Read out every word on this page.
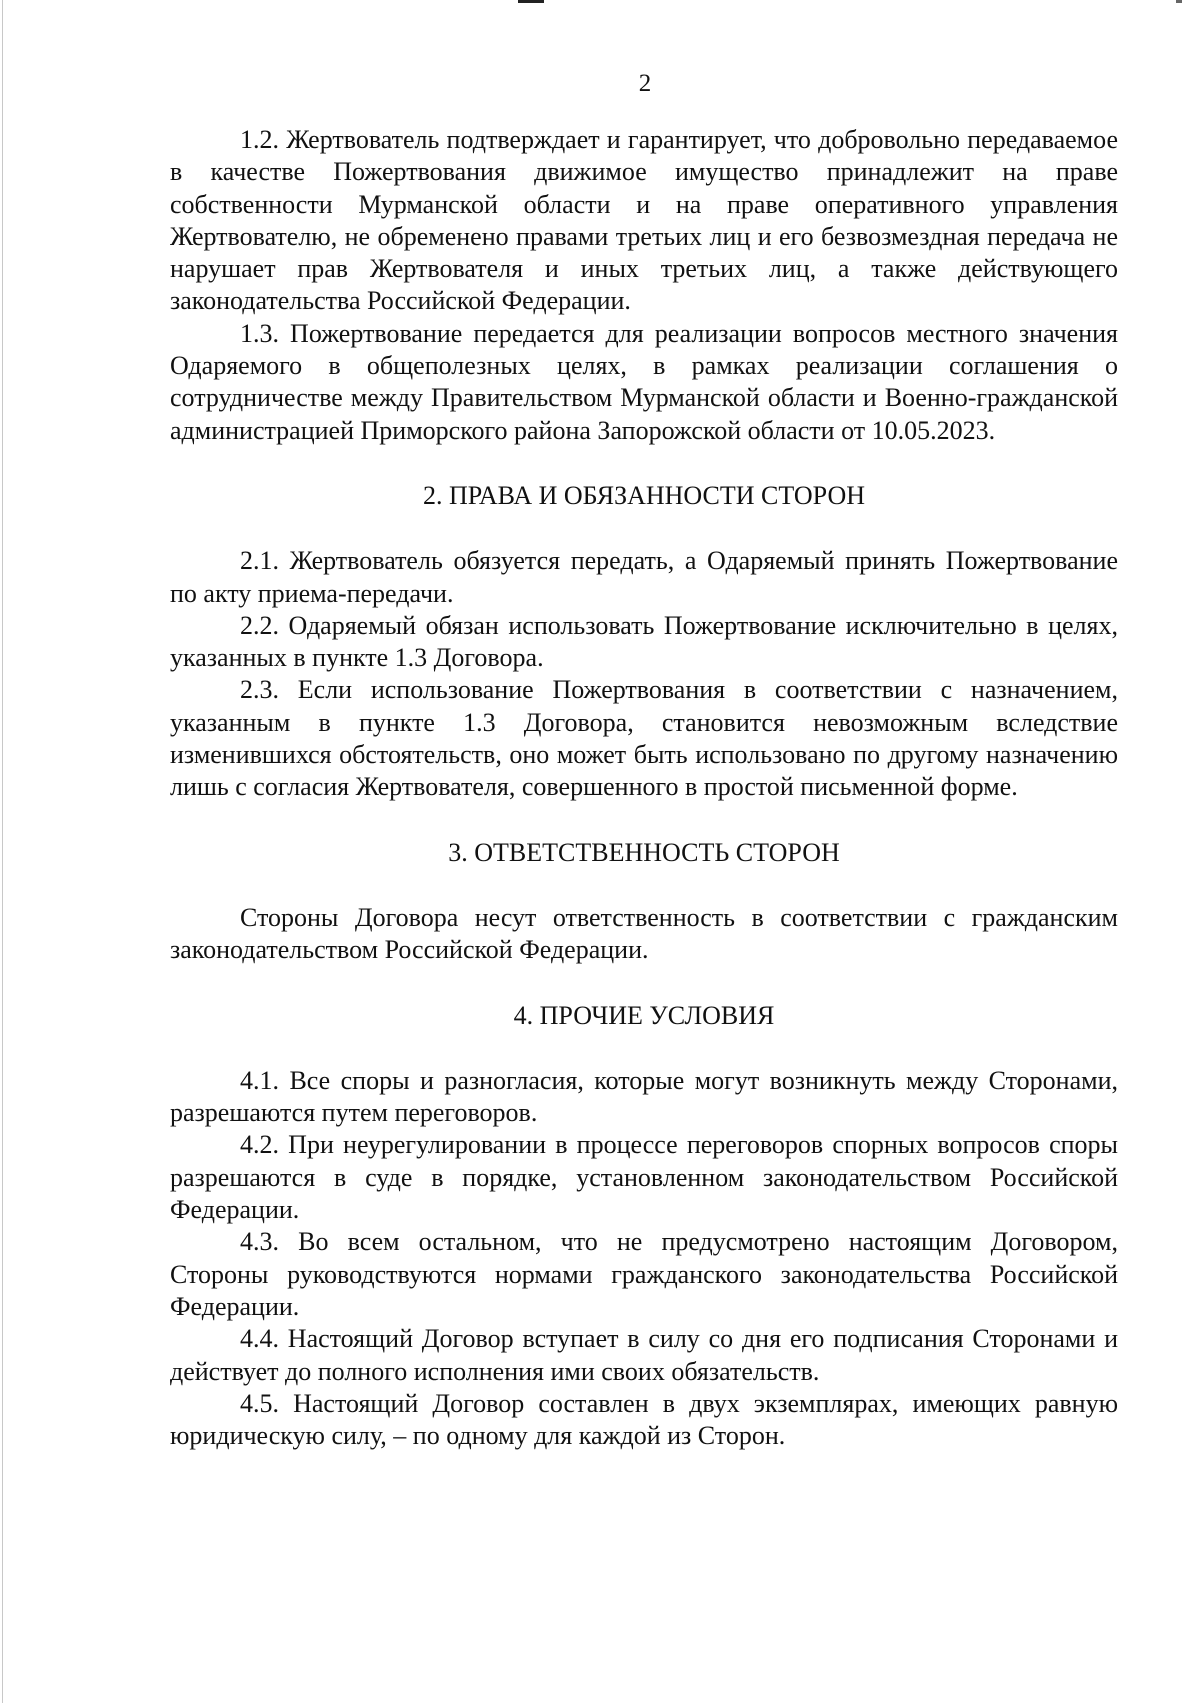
2

1.2. Жертвователь подтверждает и гарантирует, что добровольно передаваемое в качестве Пожертвования движимое имущество принадлежит на праве собственности Мурманской области и на праве оперативного управления Жертвователю, не обременено правами третьих лиц и его безвозмездная передача не нарушает прав Жертвователя и иных третьих лиц, а также действующего законодательства Российской Федерации.

1.3. Пожертвование передается для реализации вопросов местного значения Одаряемого в общеполезных целях, в рамках реализации соглашения о сотрудничестве между Правительством Мурманской области и Военно-гражданской администрацией Приморского района Запорожской области от 10.05.2023.

2. ПРАВА И ОБЯЗАННОСТИ СТОРОН

2.1. Жертвователь обязуется передать, а Одаряемый принять Пожертвование по акту приема-передачи.

2.2. Одаряемый обязан использовать Пожертвование исключительно в целях, указанных в пункте 1.3 Договора.

2.3. Если использование Пожертвования в соответствии с назначением, указанным в пункте 1.3 Договора, становится невозможным вследствие изменившихся обстоятельств, оно может быть использовано по другому назначению лишь с согласия Жертвователя, совершенного в простой письменной форме.

3. ОТВЕТСТВЕННОСТЬ СТОРОН

Стороны Договора несут ответственность в соответствии с гражданским законодательством Российской Федерации.

4. ПРОЧИЕ УСЛОВИЯ

4.1. Все споры и разногласия, которые могут возникнуть между Сторонами, разрешаются путем переговоров.

4.2. При неурегулировании в процессе переговоров спорных вопросов споры разрешаются в суде в порядке, установленном законодательством Российской Федерации.

4.3. Во всем остальном, что не предусмотрено настоящим Договором, Стороны руководствуются нормами гражданского законодательства Российской Федерации.

4.4. Настоящий Договор вступает в силу со дня его подписания Сторонами и действует до полного исполнения ими своих обязательств.

4.5. Настоящий Договор составлен в двух экземплярах, имеющих равную юридическую силу, – по одному для каждой из Сторон.
